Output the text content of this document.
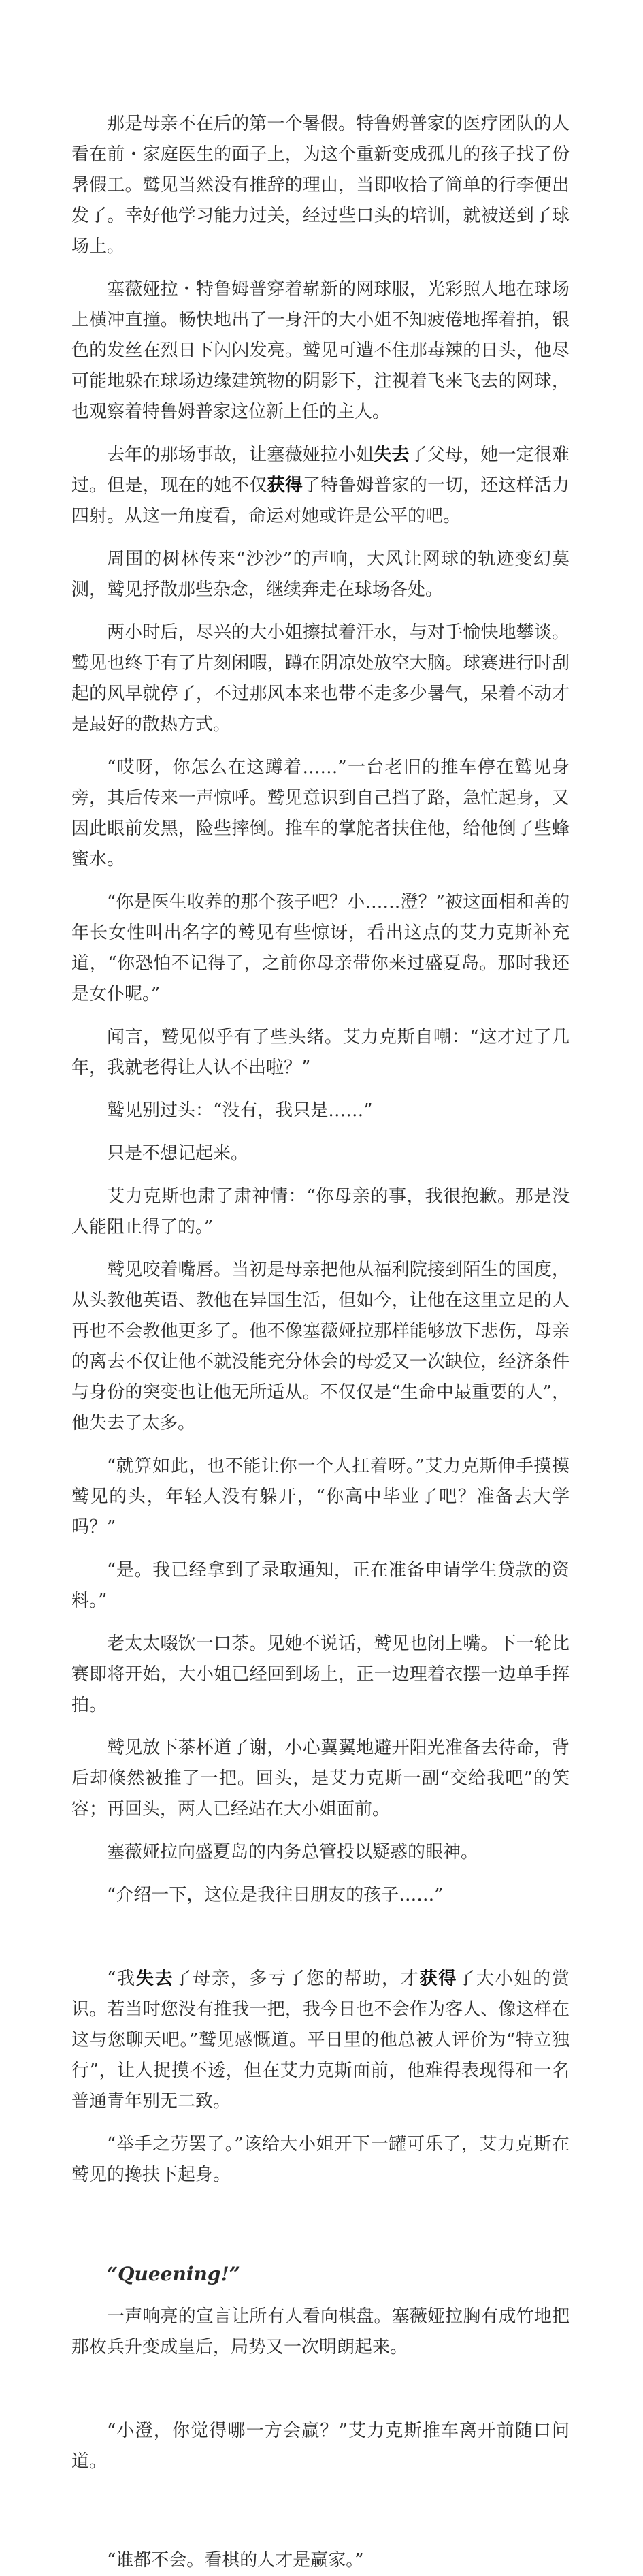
那是母亲不在后的第一个暑假。特鲁姆普家的医疗团队的人看在前・家庭医生的面子上，为这个重新变成孤儿的孩子找了份暑假工。鹫见当然没有推辞的理由，当即收拾了简单的行李便出发了。幸好他学习能力过关，经过些口头的培训，就被送到了球场上。

塞薇娅拉・特鲁姆普穿着崭新的网球服，光彩照人地在球场上横冲直撞。畅快地出了一身汗的大小姐不知疲倦地挥着拍，银色的发丝在烈日下闪闪发亮。鹫见可遭不住那毒辣的日头，他尽可能地躲在球场边缘建筑物的阴影下，注视着飞来飞去的网球，也观察着特鲁姆普家这位新上任的主人。

去年的那场事故，让塞薇娅拉小姐失去了父母，她一定很难过。但是，现在的她不仅获得了特鲁姆普家的一切，还这样活力四射。从这一角度看，命运对她或许是公平的吧。

周围的树林传来“沙沙”的声响，大风让网球的轨迹变幻莫测，鹫见抒散那些杂念，继续奔走在球场各处。

两小时后，尽兴的大小姐擦拭着汗水，与对手愉快地攀谈。鹫见也终于有了片刻闲暇，蹲在阴凉处放空大脑。球赛进行时刮起的风早就停了，不过那风本来也带不走多少暑气，呆着不动才是最好的散热方式。

“哎呀，你怎么在这蹲着……”一台老旧的推车停在鹫见身旁，其后传来一声惊呼。鹫见意识到自己挡了路，急忙起身，又因此眼前发黑，险些摔倒。推车的掌舵者扶住他，给他倒了些蜂蜜水。

“你是医生收养的那个孩子吧？小……澄？”被这面相和善的年长女性叫出名字的鹫见有些惊讶，看出这点的艾力克斯补充道，“你恐怕不记得了，之前你母亲带你来过盛夏岛。那时我还是女仆呢。”

闻言，鹫见似乎有了些头绪。艾力克斯自嘲：“这才过了几年，我就老得让人认不出啦？”

鹫见别过头：“没有，我只是……”

只是不想记起来。

艾力克斯也肃了肃神情：“你母亲的事，我很抱歉。那是没人能阻止得了的。”

鹫见咬着嘴唇。当初是母亲把他从福利院接到陌生的国度，从头教他英语、教他在异国生活，但如今，让他在这里立足的人再也不会教他更多了。他不像塞薇娅拉那样能够放下悲伤，母亲的离去不仅让他不就没能充分体会的母爱又一次缺位，经济条件与身份的突变也让他无所适从。不仅仅是“生命中最重要的人”，他失去了太多。

“就算如此，也不能让你一个人扛着呀。”艾力克斯伸手摸摸鹫见的头，年轻人没有躲开，“你高中毕业了吧？准备去大学吗？”

“是。我已经拿到了录取通知，正在准备申请学生贷款的资料。”

老太太啜饮一口茶。见她不说话，鹫见也闭上嘴。下一轮比赛即将开始，大小姐已经回到场上，正一边理着衣摆一边单手挥拍。

鹫见放下茶杯道了谢，小心翼翼地避开阳光准备去待命，背后却倏然被推了一把。回头，是艾力克斯一副“交给我吧”的笑容；再回头，两人已经站在大小姐面前。

塞薇娅拉向盛夏岛的内务总管投以疑惑的眼神。

“介绍一下，这位是我往日朋友的孩子……”

“我失去了母亲，多亏了您的帮助，才获得了大小姐的赏识。若当时您没有推我一把，我今日也不会作为客人、像这样在这与您聊天吧。”鹫见感慨道。平日里的他总被人评价为“特立独行”，让人捉摸不透，但在艾力克斯面前，他难得表现得和一名普通青年别无二致。

“举手之劳罢了。”该给大小姐开下一罐可乐了，艾力克斯在鹫见的搀扶下起身。

“Queening!”

一声响亮的宣言让所有人看向棋盘。塞薇娅拉胸有成竹地把那枚兵升变成皇后，局势又一次明朗起来。

“小澄，你觉得哪一方会赢？”艾力克斯推车离开前随口问道。

“谁都不会。看棋的人才是赢家。”
